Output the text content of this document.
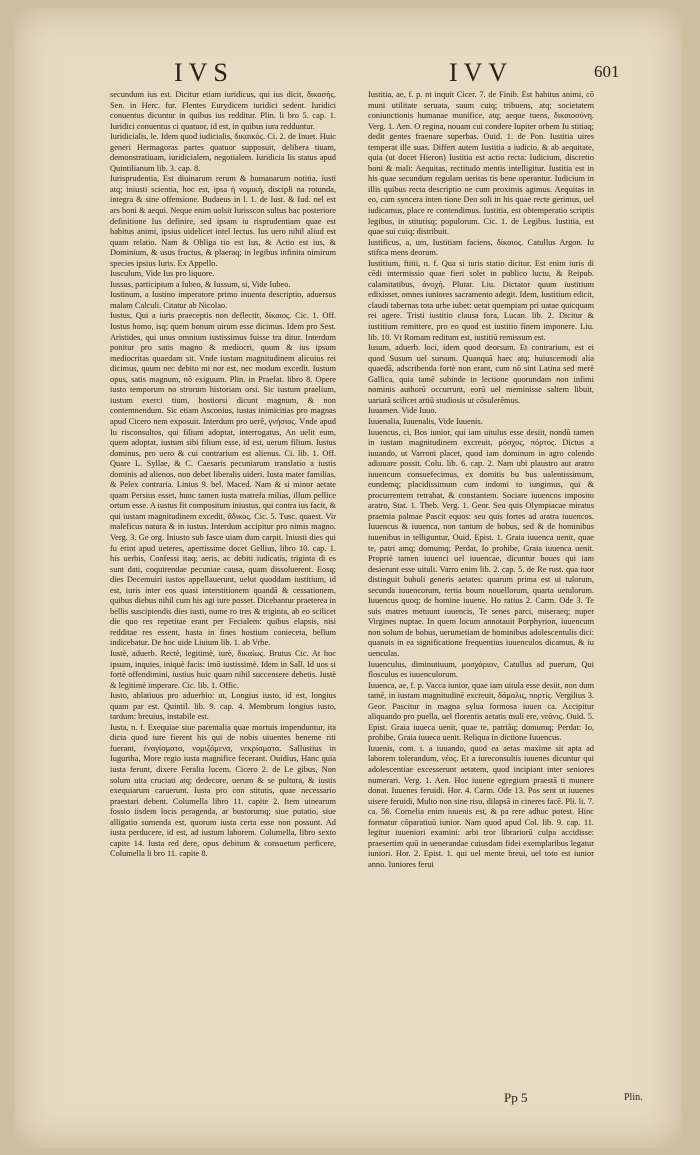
IVS	IVV	601

secundum ius est. Dicitur etiam iuridicus, qui ius dicit, δικασὴς. Sen. in Herc. fur. Flentes Eurydicem iuridici sedent. Iuridici conuentus dicuntur in quibus ius redditur. Plin. li bro 5. cap. 1. Iuridici conuentus ci quatuor, id est, in quibus iura redduntur.

Iuridicialis, le. Idem quod iudicialis, δικαικός. Ci. 2. de Inuet. Huic generi Hermagoras partes quatuor supposuit, delibera tiuam, demonstratiuam, iuridicialem, negotialem. Iuridicia lis status apud Quintilianum lib. 3. cap. 8.

Iurisprudentia, Est diuinarum rerum & humanarum notitia, iusti atq; iniusti scientia, hoc est, ipsa ἡ νομικὴ, discipli na rotunda, integra & sine offensione. Budaeus in l. 1. de Iust. & Iud. nel est ars boni & aequi. Neque enim uolsit Iurisscon sultus hac posteriore definitione Ius definire, sed ipsam iu risprudentiam quae est habitus animi, ipsius uidelicet intel lectus. Ius uero nihil aliud est quam relatio. Nam & Obliga tio est Ius, & Actio est ius, & Dominium, & usus fructus, & plaeraq; in legibus infinita nimirum species ipsius Iuris. Ex Appello.

Iusculum, Vide Ius pro liquore.

Iussus, participium a Iubeo, & Iussum, si, Vide Iubeo.

Iustinum, a Iustino imperatore primo inuenta descriptio, aduersus malam Calculi. Citatur ab Nicolao.

Iustus, Qui a iuris praeceptis non deflectit, δίκαιος. Cic. 1. Off. Iustus homo, isq; quem bonum uirum esse dicimus. Idem pro Sest. Aristides, qui unus omnium iustissimus fuisse tra ditur. Interdum ponitur pro satis magno & mediocri, quum & ius ipsum mediocritas quaedam sit. Vnde iustam magnitudinem alicuius rei dicimus, quum nec debito mi nor est, nec modum excedit. Iustum opus, satis magnum, nō exiguum. Plin. in Praefat. libro 8. Opere iusto temporum no strorum historiam orsi. Sic iustum praelium, iustum exerci tium, hostiorsi dicunt magnum, & non contemnendum. Sic etiam Asconius, iustas inimicitias pro magnas apud Cicero nem exposuit. Interdum pro uerē, γνήσιος. Vnde apud Iu risconsultos, qui filium adoptat, interrogatus, An uelit eum, quem adoptat, iustum sibi filium esse, id est, uerum filium. Iustus dominus, pro uero & cui contrarium est alienus. Ci. lib. 1. Off. Quare L. Syllae, & C. Caesaris pecuniarum translatio a iustis dominis ad alienos, non debet liberalis uideri. Iusta mater familias, & Pelex contraria. Linius 9. bel. Maced. Nam & si minor aetate quam Persius esset, hunc tamen iusta matrefa milias, illum pellice ortum esse. A iustus fit compositum iniustus, qui contra ius facit, & qui iustam magnitudinem excedit, ἄδικος. Cic. 5. Tusc. quaest. Vir maleficus natura & in iustus. Interdum accipitur pro nimis magno. Verg. 3. Ge org. Iniusto sub fasce uiam dum carpit. Iniusti dies qui fu erint apud ueteres, apertissime docet Gellius, libro 10. cap. 1. his uerbis, Confessi itaq; aeris, ac debiti iudicatis, triginta di es sunt dati, coquirendae pecuniae causa, quam dissoluerent. Eosq; dies Decemuiri iustos appellauerunt, uelut quoddam iustitium, id est, iuris inter eos quasi interstitionem quandā & cessationem, quibus diebus nihil cum his agi iure posset. Dicebantur praeterea in bellis suscipiendis dies iusti, nume ro tres & triginta, ab eo scilicet die quo res repetitae erant per Fecialem: quibus elapsis, nisi redditae res essent, hasta in fines hostium conieceta, bellum indicebatur. De hoc uide Liuium lib. 1. ab Vrbe.

Iustè, aduerb. Rectè, legitimè, iurè, δικαίως. Brutus Cic. At hoc ipsum, inquies, iniquè facis: imō iustissimè. Idem in Sall. Id uos si fortè offendimini, iustius huic quam nihil succensere debetis. Iustè & legitimè imperare. Cic. lib. 1. Offic.

Iusto, ablatiuus pro aduerbio: ut, Longius iusto, id est, longius quam par est. Quintil. lib. 9. cap. 4. Membrum longius iusto, tardum: breuius, instabile est.

Iusta, n. f. Exequiae siue parentalia quae mortuis impenduntur, ita dicta quod iure fierent his qui de nobis uiuentes beneme riti fuerant, ἐναγίσματα, νομιζόμενα, νεκρίσματα. Sallustius in Iugurtha, More regio iusta magnifice fecerant. Ouidius, Hanc quia iusta ferunt, dixere Feralia lucem. Cicero 2. de Le gibus, Non solum uita cruciati atq; dedecore, uerum & se pultura, & iustis exequiarum caruerunt. Iusta pro con stitutis, quae necessario praestari debent. Columella libro 11. capite 2. Item uinearum fossio iisdem locis peragenda, ar bustorumq; siue putatio, siue alligatio sumenda est, quorum iusta certa esse non possunt. Ad iusta perducere, id est, ad iustum laborem. Columella, libro sexto capite 14. Iusta red dere, opus debitum & consuetum perficere, Columella li bro 11. capite 8.

Iustitia, ae, f. p. nt inquit Cicer. 7. de Finib. Est habitus animi, cō muni utilitate seruata, suum cuiq; tribuens, atq; societatem coniunctionis humanae munifice, atq; aeque tuens, δικαιοσύνη. Verg. 1. Aen. O regina, nouam cui condere Iupiter orbem Iu stitiaq; dedit gentes fraenare superbas. Ouid. 1. de Pon. Iustitia uires temperat ille suas. Differt autem Iustitia a iudicio, & ab aequitate, quia (ut docet Hieron) Iustitia est actio recta: Iudicium, discretio boni & mali: Aequitas, rectitudo mentis intelligitur. Iustitia est in his quae secundum regulam ueritas tis bene operantur. Iudicium in illis quibus recta descriptio ne cum proximis agimus. Aequitas in eo, cum syncera inten tione Deo soli in his quae recte gerimus, uel iudicamus, place re contendimus. Iustitia, est obtemperatio scriptis legibus, in stitutisq; populorum. Cic. 1. de Legibus. Iustitia, est quae sui cuiq; distribuit.

Iustificus, a, um, Iustitiam faciens, δίκαιος. Catullus Argon. Iu stifica mens deorum.

Iustitium, ftitii, n. f. Qua si iuris statio dicitur. Est enim iuris di cēdi intermissio quae fieri solet in publico luctu, & Reipub. calamitatibus, ἀνοχή. Plutar. Liu. Dictator quum iustitium edixisset, omnes iuniores sacramento adegit. Idem, Iustitium edicit, claudi tabernas tota urbe iubet: uetat quempiam pri uatae quicquam rei agere. Tristi iustitio clausa fora, Lucan. lib. 2. Dicitur & iustitium remittere, pro eo quod est iustitio finem imponere. Liu. lib. 10. Vt Romam reditum est, iustitiū remissum est.

Iusum, aduerb. loci, idem quod deorsum. Et contrarium, est ei quod Susum uel sursum. Quanquā haec atq; huiuscemodi alia quaedā, adscribenda fortè non erant, cum nō sint Latina sed merè Gallica, quia tamē subinde in lectione quorundam non infimi nominis authorū occurrunt, eorū uel meminisse saltem libuit, uariatā scilicet artiū studiosis ut cōsulerēmus.

Iuuamen. Vide Iuuo.

Iuuenalia, Iuuenalis, Vide Iuuenis.

Iuuencus, ci, Bos iunior, qui iam uitulus esse desiit, nondū tamen in iustam magnitudinem excreuit, μόσχος, πόρτος. Dictus a iuuando, ut Varroni placet, quod iam dominum in agro colendo adiuuare possit. Colu. lib. 6. cap. 2. Nam ubi plaustro aut aratro iuuencum consuefecimus, ex domitis bu bus ualentissimum, eundemq; placidissimum cum indomi to iungimus, qui & procurrentem retrahat, & constantem. Sociare iuuencos imposito aratro, Stat. 1. Theb. Verg. 1. Geor. Seu quis Olympiacae miratus praemia palmae Pascit equos: seu quis fortes ad aratra iuuencos. Iuuencus & iuuenca, non tantum de bobus, sed & de hominibus iuuenibus in telliguntur, Ouid. Epist. 1. Graia iuuenca uenit, quae te, patri amq; domumq; Perdat, Io prohibe, Graia iuuenca uenit. Propriè tamen iuuenci uel iuuencae, dicuntur boues qui iam desierunt esse uituli. Varro enim lib. 2. cap. 5. de Re rust. qua tuor distinguit bubuli generis aetates: quarum prima est ui tulorum, secunda iuuencorum, tertia boum nouellorum, quarta uetulorum. Iuuencus quoq; de homine iuuene. Ho ratius 2. Carm. Ode 3. Te suis matres metuunt iuuencis, Te senes parci, miseraeq; nuper Virgines nuptae. In quem locum annotauit Porphyrion, iuuencum non solum de bobus, uerumetiam de hominibus adolescentulis dici: quanuis in ea significatione frequentius iuuenculos dicamus, & iu uenculas.

Iuuenculus, diminutiuum, μοσχάριον, Catullus ad puerum, Qui flosculus es iuuenculorum.

Iuuenca, ae, f. p. Vacca iunior, quae iam uitula esse desiit, non dum tamē, in iustam magnitudinē excreuit, δάμαλις, πορτίς. Vergilius 3. Geor. Pascitur in magna sylua formosa iuuen ca. Accipitur aliquando pro puella, uel florentis aetatis mulí ere, νεᾶνις. Ouid. 5. Epist. Graia iuueca uenit, quae te, patriāq; domumq; Perdat: Io, prohibe, Graia iuueca uenit. Reliqua in dictione Iuuencus.

Iuuenis, com. t. a iuuando, quod ea aetas maxime sit apta ad laborem tolerandum, νέος. Et a iureconsultis iuuenes dicuntur qui adolescentiae excesserunt aetatem, quod incipiant inter seniores numerari. Verg. 1. Aen. Hoc iuuene egregium praestā ti munere donat. Iuuenes feruidi. Hor. 4. Carm. Ode 13. Pos sent ut iuuenes uisere feruidi, Multo non sine risu, dilapsā in cineres facē. Pli. li. 7. ca. 56. Cornelia enim iuuenis est, & pa rere adhuc potest. Hinc formatur cōparatiuū iunior. Nam quod apud Col. lib. 9. cap. 11. legitur iuueniori examini: arbi tror librariorū culpa accidisse: praesertim quū in uenerandae cuiusdam fidei exemplaribus legatur iuniori. Hor. 2. Epist. 1. qui uel mente breui, uel toto est iunior anno. Iuniores ferui

Pp 5	Plin.
